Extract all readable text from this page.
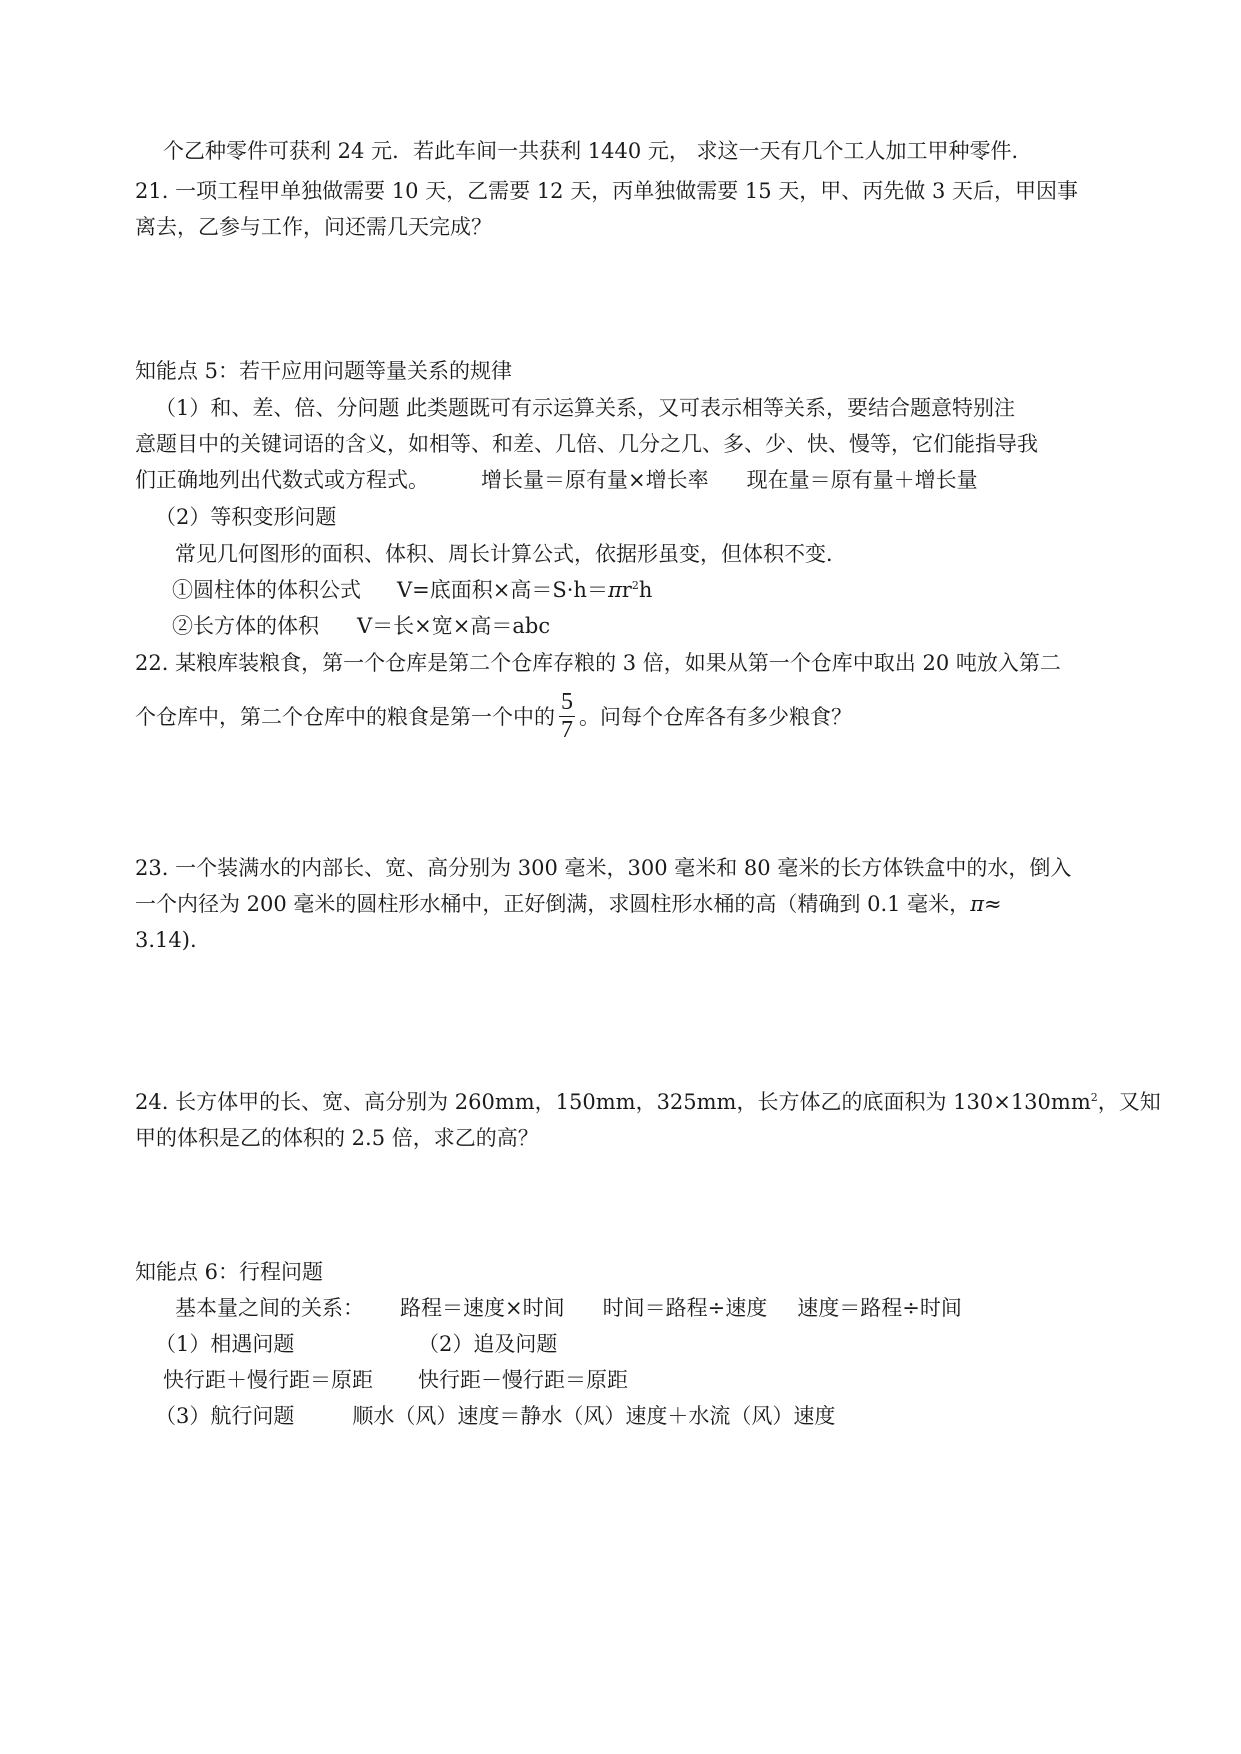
个乙种零件可获利 24 元．若此车间一共获利 1440 元， 求这一天有几个工人加工甲种零件．
21. 一项工程甲单独做需要 10 天，乙需要 12 天，丙单独做需要 15 天，甲、丙先做 3 天后，甲因事
离去，乙参与工作，问还需几天完成？
知能点 5：若干应用问题等量关系的规律
（1）和、差、倍、分问题 此类题既可有示运算关系，又可表示相等关系，要结合题意特别注
意题目中的关键词语的含义，如相等、和差、几倍、几分之几、多、少、快、慢等，它们能指导我
们正确地列出代数式或方程式。 增长量＝原有量×增长率 现在量＝原有量＋增长量
（2）等积变形问题
常见几何图形的面积、体积、周长计算公式，依据形虽变，但体积不变．
①圆柱体的体积公式 V=底面积×高$=S\cdot h=\pi r^2h$
②长方体的体积 V＝长×宽×高＝abc
22. 某粮库装粮食，第一个仓库是第二个仓库存粮的 3 倍，如果从第一个仓库中取出 20 吨放入第二
个仓库中，第二个仓库中的粮食是第一个中的 $\frac{5}{7}$ 。问每个仓库各有多少粮食？
23. 一个装满水的内部长、宽、高分别为 300 毫米，300 毫米和 80 毫米的长方体铁盒中的水，倒入
一个内径为 200 毫米的圆柱形水桶中，正好倒满，求圆柱形水桶的高（精确到 0.1 毫米， π≈
3.14).
24. 长方体甲的长、宽、高分别为 260mm，150mm，325mm，长方体乙的底面积为 $130\times 130mm^2$ ，又知
甲的体积是乙的体积的 2.5 倍，求乙的高？
知能点 6：行程问题
基本量之间的关系： 路程＝速度×时间 时间＝路程÷速度 速度＝路程÷时间
（1）相遇问题	（2）追及问题
快行距＋慢行距＝原距 快行距－慢行距＝原距
（3）航行问题	顺水（风）速度＝静水（风）速度＋水流（风）速度
